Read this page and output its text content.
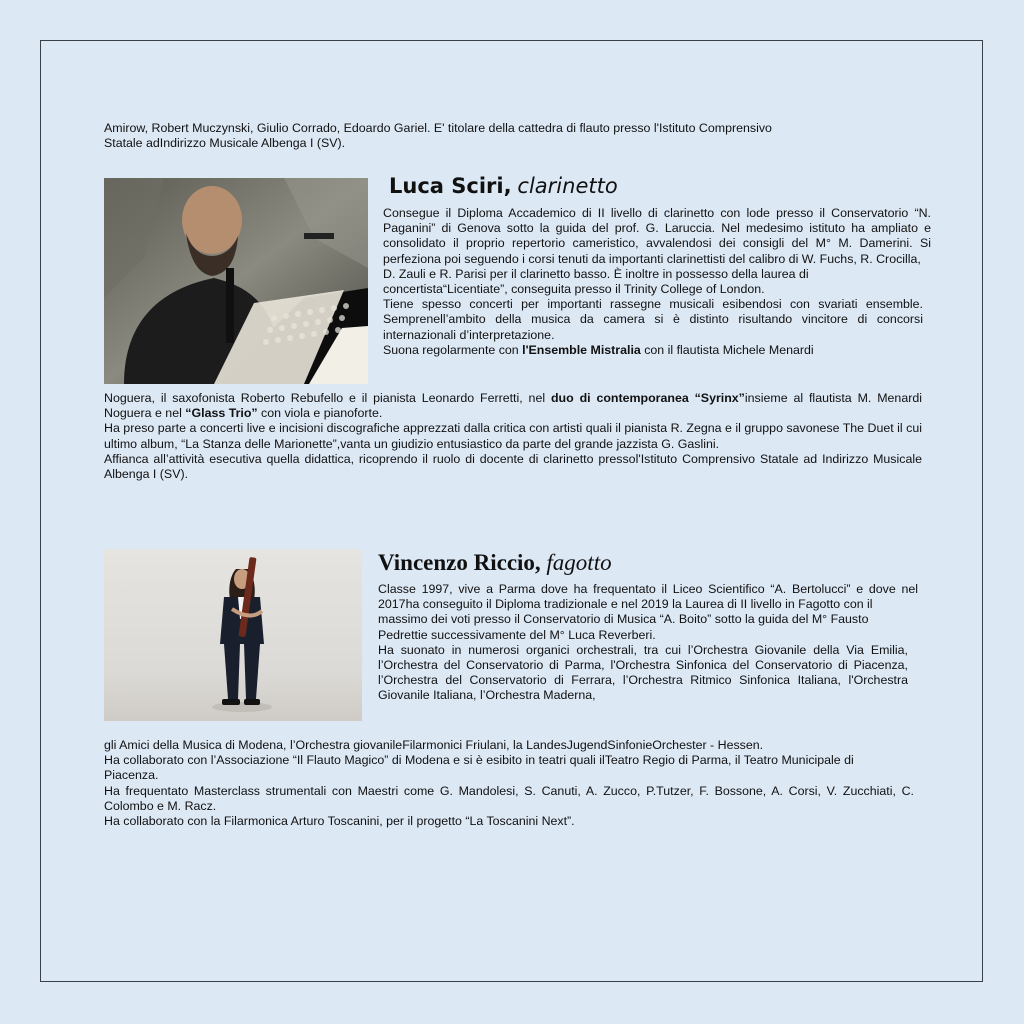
Amirow, Robert Muczynski, Giulio Corrado, Edoardo Gariel. E' titolare della cattedra di flauto presso l'Istituto Comprensivo
Statale adIndirizzo Musicale Albenga I (SV).
Luca Sciri, clarinetto
Consegue il Diploma Accademico di II livello di clarinetto con lode presso il Conservatorio “N. Paganini” di Genova sotto la guida del prof. G. Laruccia. Nel medesimo istituto ha ampliato e consolidato il proprio repertorio cameristico, avvalendosi dei consigli del M° M. Damerini. Si perfeziona poi seguendo i corsi tenuti da importanti clarinettisti del calibro di W. Fuchs, R. Crocilla,
D. Zauli e R. Parisi per il clarinetto basso. È inoltre in possesso della laurea di concertista“Licentiate”, conseguita presso il Trinity College of London.
Tiene spesso concerti per importanti rassegne musicali esibendosi con svariati ensemble. Semprenell’ambito della musica da camera si è distinto risultando vincitore di concorsi internazionali d’interpretazione.
Suona regolarmente con l'Ensemble Mistralia con il flautista Michele Menardi
Noguera, il saxofonista Roberto Rebufello e il pianista Leonardo Ferretti, nel duo di contemporanea “Syrinx”insieme al flautista M. Menardi Noguera e nel “Glass Trio” con viola e pianoforte.
Ha preso parte a concerti live e incisioni discografiche apprezzati dalla critica con artisti quali il pianista R. Zegna e il gruppo savonese The Duet il cui ultimo album, “La Stanza delle Marionette”,vanta un giudizio entusiastico da parte del grande jazzista G. Gaslini.
Affianca all’attività esecutiva quella didattica, ricoprendo il ruolo di docente di clarinetto pressol'Istituto Comprensivo Statale ad Indirizzo Musicale Albenga I (SV).
Vincenzo Riccio, fagotto
Classe 1997, vive a Parma dove ha frequentato il Liceo Scientifico “A. Bertolucci” e dove nel 2017ha conseguito il Diploma tradizionale e nel 2019 la Laurea di II livello in Fagotto con il
massimo dei voti presso il Conservatorio di Musica “A. Boito” sotto la guida del M° Fausto Pedrettie successivamente del M° Luca Reverberi.
Ha suonato in numerosi organici orchestrali, tra cui l’Orchestra Giovanile della Via Emilia, l’Orchestra del Conservatorio di Parma, l'Orchestra Sinfonica del Conservatorio di Piacenza, l’Orchestra del Conservatorio di Ferrara, l’Orchestra Ritmico Sinfonica Italiana, l'Orchestra Giovanile Italiana, l’Orchestra Maderna,
gli Amici della Musica di Modena, l’Orchestra giovanileFilarmonici Friulani, la LandesJugendSinfonieOrchester - Hessen.
Ha collaborato con l’Associazione “Il Flauto Magico” di Modena e si è esibito in teatri quali ilTeatro Regio di Parma, il Teatro Municipale di Piacenza.
Ha frequentato Masterclass strumentali con Maestri come G. Mandolesi, S. Canuti, A. Zucco, P.Tutzer, F. Bossone, A. Corsi, V. Zucchiati, C. Colombo e M. Racz.
Ha collaborato con la Filarmonica Arturo Toscanini, per il progetto “La Toscanini Next”.
